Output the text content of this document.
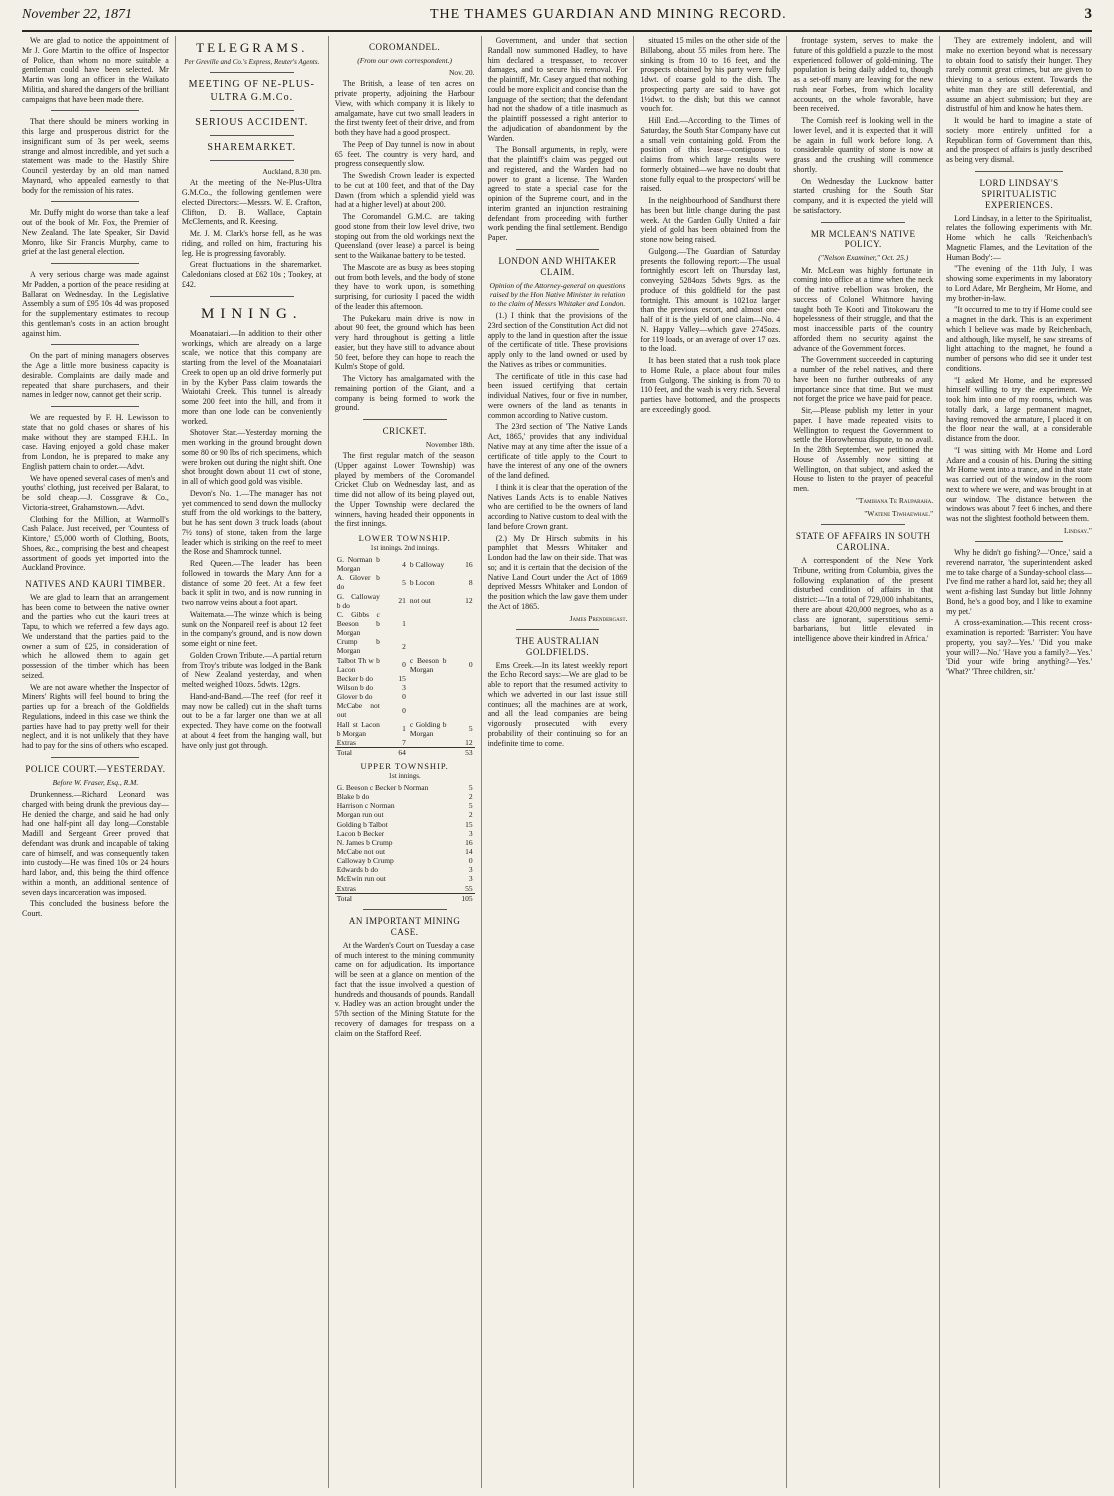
November 22, 1871	THE THAMES GUARDIAN AND MINING RECORD.	3

We are glad to notice the appointment of Mr J. Gore Martin to the office of Inspector of Police, than whom no more suitable a gentleman could have been selected. Mr Martin was long an officer in the Waikato Militia, and shared the dangers of the brilliant campaigns that have been made there.

That there should be miners working in this large and prosperous district for the insignificant sum of 3s per week, seems strange and almost incredible, and yet such a statement was made to the Hastily Shire Council yesterday by an old man named Maynard, who appealed earnestly to that body for the remission of his rates.

Mr. Duffy might do worse than take a leaf out of the book of Mr. Fox, the Premier of New Zealand. The late Speaker, Sir David Monro, like Sir Francis Murphy, came to grief at the last general election.

A very serious charge was made against Mr Padden, a portion of the peace residing at Ballarat on Wednesday. In the Legislative Assembly a sum of £95 10s 4d was proposed for the supplementary estimates to recoup this gentleman's costs in an action brought against him.

On the part of mining managers observes the Age a little more business capacity is desirable. Complaints are daily made and repeated that share purchasers, and their names in ledger now, cannot get their scrip.

We are requested by F. H. Lewisson to state that no gold chases or shares of his make without they are stamped F.H.L. In case. Having enjoyed a gold chase maker from London, he is prepared to make any English pattern chain to order.—Advt.

We have opened several cases of men's and youths' clothing, just received per Balarat, to be sold cheap.—J. Cossgrave & Co., Victoria-street, Grahamstown.—Advt.

Clothing for the Million, at Warmoll's Cash Palace. Just received, per 'Countess of Kintore,' £5,000 worth of Clothing, Boots, Shoes, &c., comprising the best and cheapest assortment of goods yet imported into the Auckland Province.

NATIVES AND KAURI TIMBER.

We are glad to learn that an arrangement has been come to between the native owner and the parties who cut the kauri trees at Tapu, to which we referred a few days ago. We understand that the parties paid to the owner a sum of £25, in consideration of which he allowed them to again get possession of the timber which has been seized.

We are not aware whether the Inspector of Miners' Rights will feel bound to bring the parties up for a breach of the Goldfields Regulations, indeed in this case we think the parties have had to pay pretty well for their neglect, and it is not unlikely that they have had to pay for the sins of others who escaped.

POLICE COURT.—YESTERDAY.
Before W. Fraser, Esq., R.M.

Drunkenness.—Richard Leonard was charged with being drunk the previous day—He denied the charge, and said he had only had one half-pint all day long—Constable Madill and Sergeant Greer proved that defendant was drunk and incapable of taking care of himself, and was consequently taken into custody—He was fined 10s or 24 hours hard labor, and, this being the third offence within a month, an additional sentence of seven days incarceration was imposed.

This concluded the business before the Court.

TELEGRAMS.
Per Greville and Co.'s Express, Reuter's Agents.
MEETING OF NE-PLUS-ULTRA G.M.Co.
SERIOUS ACCIDENT.
SHAREMARKET.
Auckland, 8.30 pm.

At the meeting of the Ne-Plus-Ultra G.M.Co., the following gentlemen were elected Directors:—Messrs. W. E. Crafton, Clifton, D. B. Wallace, Captain McClements, and R. Keesing.

Mr. J. M. Clark's horse fell, as he was riding, and rolled on him, fracturing his leg. He is progressing favorably.

Great fluctuations in the sharemarket. Caledonians closed at £62 10s ; Tookey, at £42.

MINING.

Moanataiari.—In addition to their other workings, which are already on a large scale, we notice that this company are starting from the level of the Moanataiari Creek to open up an old drive formerly put in by the Kyber Pass claim towards the Waiotahi Creek. This tunnel is already some 200 feet into the hill, and from it more than one lode can be conveniently worked.

Shotover Star.—Yesterday morning the men working in the ground brought down some 80 or 90 lbs of rich specimens, which were broken out during the night shift. One shot brought down about 11 cwt of stone, in all of which good gold was visible.

Devon's No. 1.—The manager has not yet commenced to send down the mullocky stuff from the old workings to the battery, but he has sent down 3 truck loads (about 7½ tons) of stone, taken from the large leader which is striking on the reef to meet the Rose and Shamrock tunnel.

Red Queen.—The leader has been followed in towards the Mary Ann for a distance of some 20 feet. At a few feet back it split in two, and is now running in two narrow veins about a foot apart.

Waitemata.—The winze which is being sunk on the Nonpareil reef is about 12 feet in the company's ground, and is now down some eight or nine feet.

Golden Crown Tribute.—A partial return from Troy's tribute was lodged in the Bank of New Zealand yesterday, and when melted weighed 10ozs. 5dwts. 12grs.

Hand-and-Band.—The reef (for reef it may now be called) cut in the shaft turns out to be a far larger one than we at all expected. They have come on the footwall at about 4 feet from the hanging wall, but have only just got through.

COROMANDEL.
(From our own correspondent.)
Nov. 20.

The British, a lease of ten acres on private property, adjoining the Harbour View, with which company it is likely to amalgamate, have cut two small leaders in the first twenty feet of their drive, and from both they have had a good prospect.

The Peep of Day tunnel is now in about 65 feet. The country is very hard, and progress consequently slow.

The Swedish Crown leader is expected to be cut at 100 feet, and that of the Day Dawn (from which a splendid yield was had at a higher level) at about 200.

The Coromandel G.M.C. are taking good stone from their low level drive, two stoping out from the old workings next the Queensland (over lease) a parcel is being sent to the Waikanae battery to be tested.

The Mascote are as busy as bees stoping out from both levels, and the body of stone they have to work upon, is something surprising, for curiosity I paced the width of the leader this afternoon.

The Pukekaru main drive is now in about 90 feet, the ground which has been very hard throughout is getting a little easier, but they have still to advance about 50 feet, before they can hope to reach the Kulm's Stope of gold.

The Victory has amalgamated with the remaining portion of the Giant, and a company is being formed to work the ground.

CRICKET.
November 18th.

The first regular match of the season (Upper against Lower Township) was played by members of the Coromandel Cricket Club on Wednesday last, and as time did not allow of its being played out, the Upper Township were declared the winners, having headed their opponents in the first innings.

LOWER TOWNSHIP.
1st innings. 2nd innings.
G. Norman b Morgan	4	b Calloway	16
A. Glover b do	5	b Locon	8
G. Calloway b do	21	not out	12
C. Gibbs c Beeson b Morgan	1		
Crump b Morgan	2		
Talbot Th w b Lacon	0	c Beeson b Morgan	0
Becker b do	15		
Wilson b do	3		
Glover b do	0		
McCabe not out	0		
Hall st Lacon b Morgan	1	c Golding b Morgan	5
Extras	7		12
Total	64		53
UPPER TOWNSHIP.
1st innings.
G. Beeson c Becker b Norman	5
Blake b do	2
Harrison c Norman	5
Morgan run out	2
Golding b Talbot	15
Lacon b Becker	3
N. James b Crump	16
McCabe not out	14
Calloway b Crump	0
Edwards b do	3
McEwin run out	3
Extras	55
Total	105
AN IMPORTANT MINING CASE.

At the Warden's Court on Tuesday a case of much interest to the mining community came on for adjudication. Its importance will be seen at a glance on mention of the fact that the issue involved a question of hundreds and thousands of pounds. Randall v. Hadley was an action brought under the 57th section of the Mining Statute for the recovery of damages for trespass on a claim on the Stafford Reef.

Government, and under that section Randall now summoned Hadley, to have him declared a trespasser, to recover damages, and to secure his removal. For the plaintiff, Mr. Casey argued that nothing could be more explicit and concise than the language of the section; that the defendant had not the shadow of a title inasmuch as the plaintiff possessed a right anterior to the adjudication of abandonment by the Warden.

The Bonsall arguments, in reply, were that the plaintiff's claim was pegged out and registered, and the Warden had no power to grant a license. The Warden agreed to state a special case for the opinion of the Supreme court, and in the interim granted an injunction restraining defendant from proceeding with further work pending the final settlement. Bendigo Paper.

LONDON AND WHITAKER CLAIM.
Opinion of the Attorney-general on questions raised by the Hon Native Minister in relation to the claim of Messrs Whitaker and London.

(1.) I think that the provisions of the 23rd section of the Constitution Act did not apply to the land in question after the issue of the certificate of title. These provisions apply only to the land owned or used by the Natives as tribes or communities.

The certificate of title in this case had been issued certifying that certain individual Natives, four or five in number, were owners of the land as tenants in common according to Native custom.

The 23rd section of 'The Native Lands Act, 1865,' provides that any individual Native may at any time after the issue of a certificate of title apply to the Court to have the interest of any one of the owners of the land defined.

I think it is clear that the operation of the Natives Lands Acts is to enable Natives who are certified to be the owners of land according to Native custom to deal with the land before Crown grant.

(2.) My Dr Hirsch submits in his pamphlet that Messrs Whitaker and London had the law on their side. That was so; and it is certain that the decision of the Native Land Court under the Act of 1869 deprived Messrs Whitaker and London of the position which the law gave them under the Act of 1865.

James Prendergast.
THE AUSTRALIAN GOLDFIELDS.

Ems Creek.—In its latest weekly report the Echo Record says:—We are glad to be able to report that the resumed activity to which we adverted in our last issue still continues; all the machines are at work, and all the lead companies are being vigorously prosecuted with every probability of their continuing so for an indefinite time to come.

situated 15 miles on the other side of the Billabong, about 55 miles from here. The sinking is from 10 to 16 feet, and the prospects obtained by his party were fully 1dwt. of coarse gold to the dish. The prospecting party are said to have got 1½dwt. to the dish; but this we cannot vouch for.

Hill End.—According to the Times of Saturday, the South Star Company have cut a small vein containing gold. From the position of this lease—contiguous to claims from which large results were formerly obtained—we have no doubt that stone fully equal to the prospectors' will be raised.

In the neighbourhood of Sandhurst there has been but little change during the past week. At the Garden Gully United a fair yield of gold has been obtained from the stone now being raised.

Gulgong.—The Guardian of Saturday presents the following report:—The usual fortnightly escort left on Thursday last, conveying 5284ozs 5dwts 9grs. as the produce of this goldfield for the past fortnight. This amount is 1021oz larger than the previous escort, and almost one-half of it is the yield of one claim—No. 4 N. Happy Valley—which gave 2745ozs. for 119 loads, or an average of over 17 ozs. to the load.

It has been stated that a rush took place to Home Rule, a place about four miles from Gulgong. The sinking is from 70 to 110 feet, and the wash is very rich. Several parties have bottomed, and the prospects are exceedingly good.

frontage system, serves to make the future of this goldfield a puzzle to the most experienced follower of gold-mining. The population is being daily added to, though as a set-off many are leaving for the new rush near Forbes, from which locality accounts, on the whole favorable, have been received.

The Cornish reef is looking well in the lower level, and it is expected that it will be again in full work before long. A considerable quantity of stone is now at grass and the crushing will commence shortly.

On Wednesday the Lucknow batter started crushing for the South Star company, and it is expected the yield will be satisfactory.

MR MCLEAN'S NATIVE POLICY.
("Nelson Examiner," Oct. 25.)

Mr. McLean was highly fortunate in coming into office at a time when the neck of the native rebellion was broken, the success of Colonel Whitmore having taught both Te Kooti and Titokowaru the hopelessness of their struggle, and that the most inaccessible parts of the country afforded them no security against the advance of the Government forces.

The Government succeeded in capturing a number of the rebel natives, and there have been no further outbreaks of any importance since that time. But we must not forget the price we have paid for peace.

Sir,—Please publish my letter in your paper. I have made repeated visits to Wellington to request the Government to settle the Horowhenua dispute, to no avail. In the 28th September, we petitioned the House of Assembly now sitting at Wellington, on that subject, and asked the House to listen to the prayer of peaceful men.

"Tamihana Te Rauparaha.
"Watene Tiwhaewhae."
STATE OF AFFAIRS IN SOUTH CAROLINA.

A correspondent of the New York Tribune, writing from Columbia, gives the following explanation of the present disturbed condition of affairs in that district:—'In a total of 729,000 inhabitants, there are about 420,000 negroes, who as a class are ignorant, superstitious semi-barbarians, but little elevated in intelligence above their kindred in Africa.'

They are extremely indolent, and will make no exertion beyond what is necessary to obtain food to satisfy their hunger. They rarely commit great crimes, but are given to thieving to a serious extent. Towards the white man they are still deferential, and assume an abject submission; but they are distrustful of him and know he hates them.

It would be hard to imagine a state of society more entirely unfitted for a Republican form of Government than this, and the prospect of affairs is justly described as being very dismal.

LORD LINDSAY'S SPIRITUALISTIC EXPERIENCES.

Lord Lindsay, in a letter to the Spiritualist, relates the following experiments with Mr. Home which he calls 'Reichenbach's Magnetic Flames, and the Levitation of the Human Body':—

"The evening of the 11th July, I was showing some experiments in my laboratory to Lord Adare, Mr Bergheim, Mr Home, and my brother-in-law.

"It occurred to me to try if Home could see a magnet in the dark. This is an experiment which I believe was made by Reichenbach, and although, like myself, he saw streams of light attaching to the magnet, he found a number of persons who did see it under test conditions.

"I asked Mr Home, and he expressed himself willing to try the experiment. We took him into one of my rooms, which was totally dark, a large permanent magnet, having removed the armature, I placed it on the floor near the wall, at a considerable distance from the door.

"I was sitting with Mr Home and Lord Adare and a cousin of his. During the sitting Mr Home went into a trance, and in that state was carried out of the window in the room next to where we were, and was brought in at our window. The distance between the windows was about 7 feet 6 inches, and there was not the slightest foothold between them.

Lindsay."

Why he didn't go fishing?—'Once,' said a reverend narrator, 'the superintendent asked me to take charge of a Sunday-school class—I've find me rather a hard lot, said he; they all went a-fishing last Sunday but little Johnny Bond, he's a good boy, and I like to examine my pet.'

A cross-examination.—This recent cross-examination is reported: 'Barrister: You have property, you say?—Yes.' 'Did you make your will?—No.' 'Have you a family?—Yes.' 'Did your wife bring anything?—Yes.' 'What?' 'Three children, sir.'
